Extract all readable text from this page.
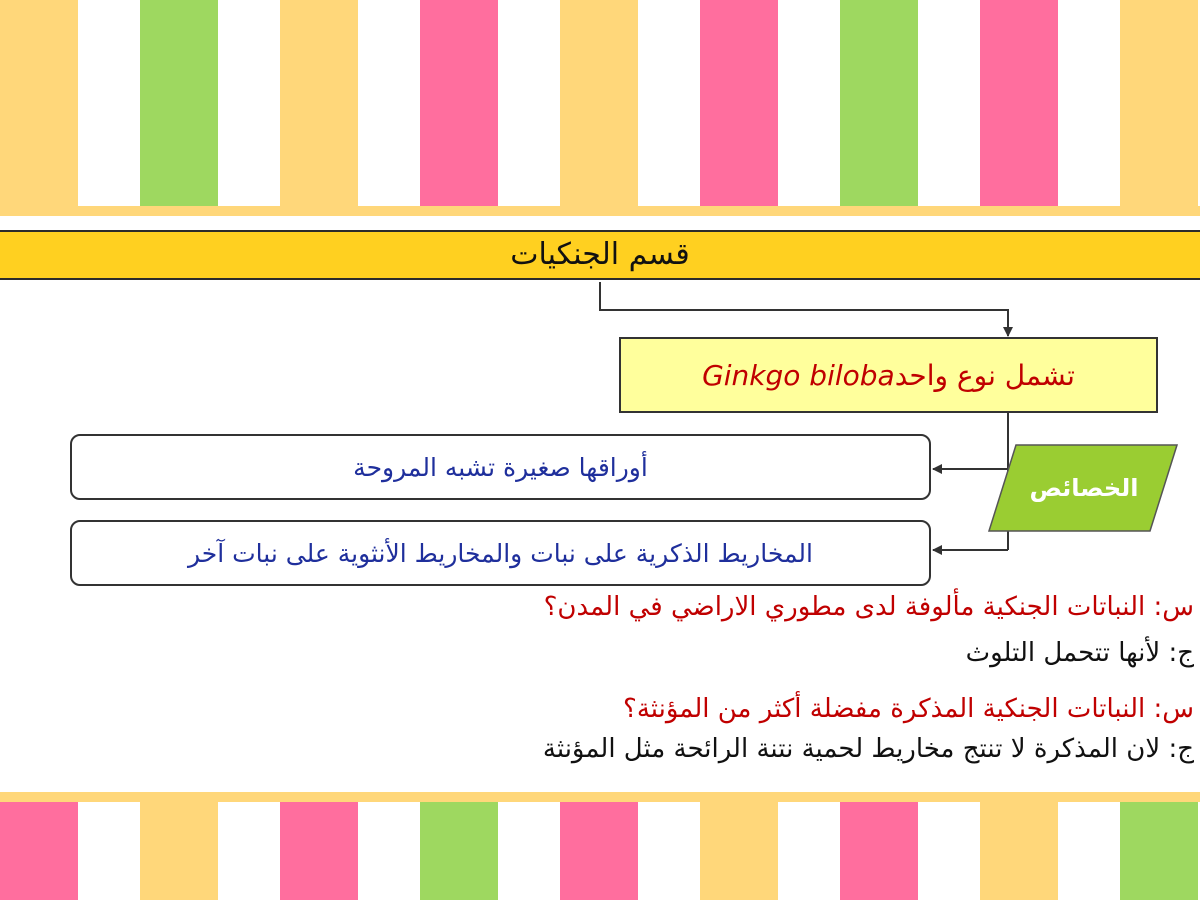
قسم الجنكيات
تشمل نوع واحد
Ginkgo biloba
أوراقها صغيرة تشبه المروحة
المخاريط الذكرية على نبات والمخاريط الأنثوية على نبات آخر
الخصائص
س: النباتات الجنكية مألوفة لدى مطوري الاراضي في المدن؟
ج: لأنها تتحمل التلوث
س: النباتات الجنكية المذكرة مفضلة أكثر من المؤنثة؟
ج: لان المذكرة لا تنتج مخاريط لحمية نتنة الرائحة مثل المؤنثة
